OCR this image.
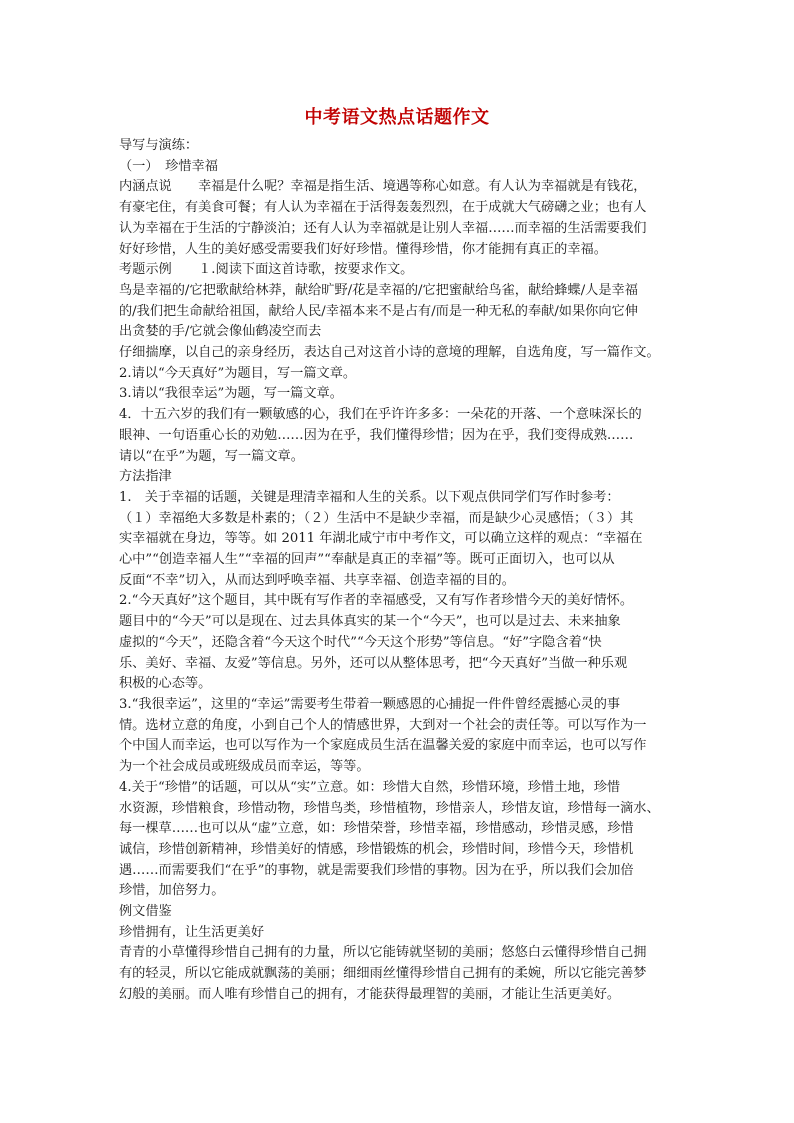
中考语文热点话题作文

导写与演练：

（一）　珍惜幸福

内涵点说　　幸福是什么呢？幸福是指生活、境遇等称心如意。有人认为幸福就是有钱花，

有豪宅住，有美食可餐；有人认为幸福在于活得轰轰烈烈，在于成就大气磅礴之业；也有人

认为幸福在于生活的宁静淡泊；还有人认为幸福就是让别人幸福……而幸福的生活需要我们

好好珍惜，人生的美好感受需要我们好好珍惜。懂得珍惜，你才能拥有真正的幸福。

考题示例　　１.阅读下面这首诗歌，按要求作文。

鸟是幸福的/它把歌献给林莽，献给旷野/花是幸福的/它把蜜献给鸟雀，献给蜂蝶/人是幸福

的/我们把生命献给祖国，献给人民/幸福本来不是占有/而是一种无私的奉献/如果你向它伸

出贪婪的手/它就会像仙鹤凌空而去

仔细揣摩，以自己的亲身经历，表达自己对这首小诗的意境的理解，自选角度，写一篇作文。

2.请以“今天真好”为题目，写一篇文章。

3.请以“我很幸运”为题，写一篇文章。

4．十五六岁的我们有一颗敏感的心，我们在乎许许多多：一朵花的开落、一个意味深长的

眼神、一句语重心长的劝勉……因为在乎，我们懂得珍惜；因为在乎，我们变得成熟……

请以“在乎”为题，写一篇文章。

方法指津

1.　关于幸福的话题，关键是理清幸福和人生的关系。以下观点供同学们写作时参考：

（１）幸福绝大多数是朴素的；（２）生活中不是缺少幸福，而是缺少心灵感悟；（３）其

实幸福就在身边，等等。如 2011 年湖北咸宁市中考作文，可以确立这样的观点：“幸福在

心中”“创造幸福人生”“幸福的回声”“奉献是真正的幸福”等。既可正面切入，也可以从

反面“不幸”切入，从而达到呼唤幸福、共享幸福、创造幸福的目的。

2.“今天真好”这个题目，其中既有写作者的幸福感受，又有写作者珍惜今天的美好情怀。

题目中的“今天”可以是现在、过去具体真实的某一个“今天”，也可以是过去、未来抽象

虚拟的“今天”，还隐含着“今天这个时代”“今天这个形势”等信息。“好”字隐含着“快

乐、美好、幸福、友爱”等信息。另外，还可以从整体思考，把“今天真好”当做一种乐观

积极的心态等。

3.“我很幸运”，这里的“幸运”需要考生带着一颗感恩的心捕捉一件件曾经震撼心灵的事

情。选材立意的角度，小到自己个人的情感世界，大到对一个社会的责任等。可以写作为一

个中国人而幸运，也可以写作为一个家庭成员生活在温馨关爱的家庭中而幸运，也可以写作

为一个社会成员或班级成员而幸运，等等。

4.关于“珍惜”的话题，可以从“实”立意。如：珍惜大自然，珍惜环境，珍惜土地，珍惜

水资源，珍惜粮食，珍惜动物，珍惜鸟类，珍惜植物，珍惜亲人，珍惜友谊，珍惜每一滴水、

每一棵草……也可以从“虚”立意，如：珍惜荣誉，珍惜幸福，珍惜感动，珍惜灵感，珍惜

诚信，珍惜创新精神，珍惜美好的情感，珍惜锻炼的机会，珍惜时间，珍惜今天，珍惜机

遇……而需要我们“在乎”的事物，就是需要我们珍惜的事物。因为在乎，所以我们会加倍

珍惜，加倍努力。

例文借鉴

珍惜拥有，让生活更美好

青青的小草懂得珍惜自己拥有的力量，所以它能铸就坚韧的美丽；悠悠白云懂得珍惜自己拥

有的轻灵，所以它能成就飘荡的美丽；细细雨丝懂得珍惜自己拥有的柔婉，所以它能完善梦

幻般的美丽。而人唯有珍惜自己的拥有，才能获得最理智的美丽，才能让生活更美好。
